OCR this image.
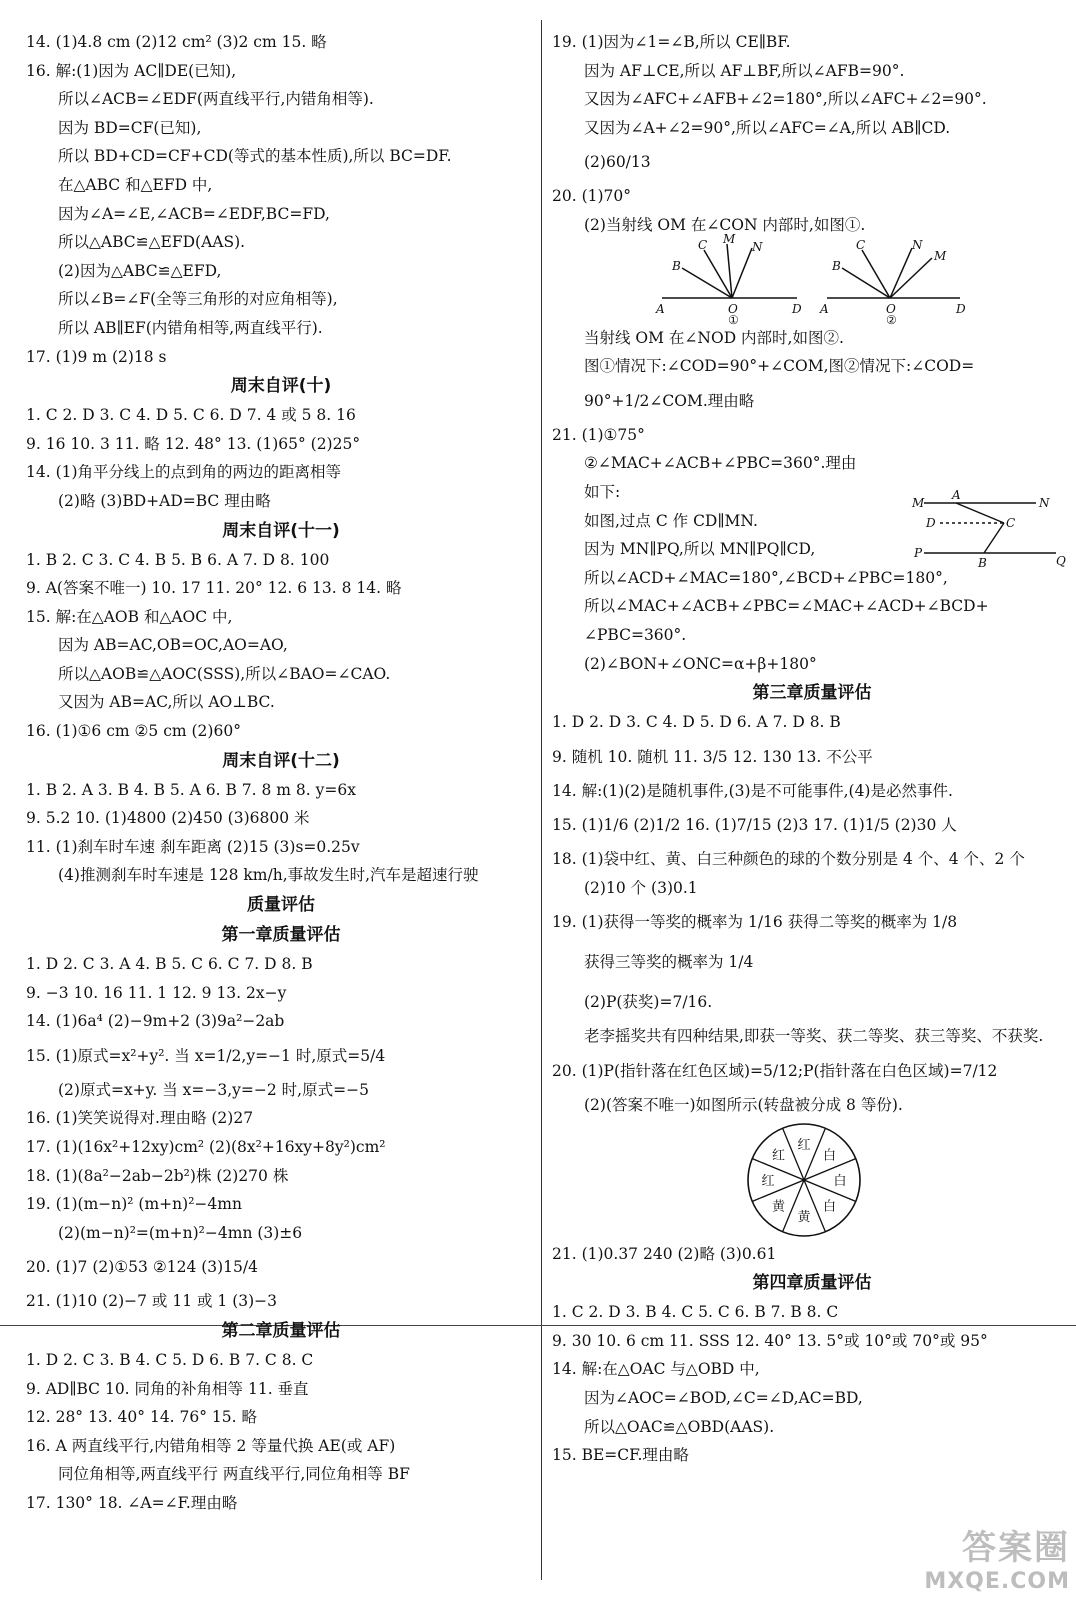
14. (1)4.8 cm (2)12 cm² (3)2 cm 15. 略
16. 解:(1)因为 AC∥DE(已知),
所以∠ACB=∠EDF(两直线平行,内错角相等).
因为 BD=CF(已知),
所以 BD+CD=CF+CD(等式的基本性质),所以 BC=DF.
在△ABC 和△EFD 中,
因为∠A=∠E,∠ACB=∠EDF,BC=FD,
所以△ABC≌△EFD(AAS).
(2)因为△ABC≌△EFD,
所以∠B=∠F(全等三角形的对应角相等),
所以 AB∥EF(内错角相等,两直线平行).
17. (1)9 m (2)18 s
周末自评(十)
1. C 2. D 3. C 4. D 5. C 6. D 7. 4 或 5 8. 16
9. 16 10. 3 11. 略 12. 48° 13. (1)65° (2)25°
14. (1)角平分线上的点到角的两边的距离相等
(2)略 (3)BD+AD=BC 理由略
周末自评(十一)
1. B 2. C 3. C 4. B 5. B 6. A 7. D 8. 100
9. A(答案不唯一) 10. 17 11. 20° 12. 6 13. 8 14. 略
15. 解:在△AOB 和△AOC 中,
因为 AB=AC,OB=OC,AO=AO,
所以△AOB≌△AOC(SSS),所以∠BAO=∠CAO.
又因为 AB=AC,所以 AO⊥BC.
16. (1)①6 cm ②5 cm (2)60°
周末自评(十二)
1. B 2. A 3. B 4. B 5. A 6. B 7. 8 m 8. y=6x
9. 5.2 10. (1)4800 (2)450 (3)6800 米
11. (1)刹车时车速 刹车距离 (2)15 (3)s=0.25v
(4)推测刹车时车速是 128 km/h,事故发生时,汽车是超速行驶
质量评估
第一章质量评估
1. D 2. C 3. A 4. B 5. C 6. C 7. D 8. B
9. −3 10. 16 11. 1 12. 9 13. 2x−y
14. (1)6a⁴ (2)−9m+2 (3)9a²−2ab
15. (1)原式=x²+y². 当 x=1/2,y=−1 时,原式=5/4
(2)原式=x+y. 当 x=−3,y=−2 时,原式=−5
16. (1)笑笑说得对.理由略 (2)27
17. (1)(16x²+12xy)cm² (2)(8x²+16xy+8y²)cm²
18. (1)(8a²−2ab−2b²)株 (2)270 株
19. (1)(m−n)² (m+n)²−4mn
(2)(m−n)²=(m+n)²−4mn (3)±6
20. (1)7 (2)①53 ②124 (3)15/4
21. (1)10 (2)−7 或 11 或 1 (3)−3
第二章质量评估
1. D 2. C 3. B 4. C 5. D 6. B 7. C 8. C
9. AD∥BC 10. 同角的补角相等 11. 垂直
12. 28° 13. 40° 14. 76° 15. 略
16. A 两直线平行,内错角相等 2 等量代换 AE(或 AF)
同位角相等,两直线平行 两直线平行,同位角相等 BF
17. 130° 18. ∠A=∠F.理由略
19. (1)因为∠1=∠B,所以 CE∥BF.
因为 AF⊥CE,所以 AF⊥BF,所以∠AFB=90°.
又因为∠AFC+∠AFB+∠2=180°,所以∠AFC+∠2=90°.
又因为∠A+∠2=90°,所以∠AFC=∠A,所以 AB∥CD.
(2)60/13
20. (1)70°
(2)当射线 OM 在∠CON 内部时,如图①.
C M
N
B
A	O	D
①
C	N
M
B
A	O	D
②
当射线 OM 在∠NOD 内部时,如图②.
图①情况下:∠COD=90°+∠COM,图②情况下:∠COD=
90°+1/2∠COM.理由略
21. (1)①75°
②∠MAC+∠ACB+∠PBC=360°.理由
如下:
如图,过点 C 作 CD∥MN.
因为 MN∥PQ,所以 MN∥PQ∥CD,
所以∠ACD+∠MAC=180°,∠BCD+∠PBC=180°,
所以∠MAC+∠ACB+∠PBC=∠MAC+∠ACD+∠BCD+
∠PBC=360°.
(2)∠BON+∠ONC=α+β+180°
第三章质量评估
1. D 2. D 3. C 4. D 5. D 6. A 7. D 8. B
9. 随机 10. 随机 11. 3/5 12. 130 13. 不公平
14. 解:(1)(2)是随机事件,(3)是不可能事件,(4)是必然事件.
15. (1)1/6 (2)1/2 16. (1)7/15 (2)3 17. (1)1/5 (2)30 人
18. (1)袋中红、黄、白三种颜色的球的个数分别是 4 个、4 个、2 个
(2)10 个 (3)0.1
19. (1)获得一等奖的概率为 1/16 获得二等奖的概率为 1/8
获得三等奖的概率为 1/4
(2)P(获奖)=7/16.
老李摇奖共有四种结果,即获一等奖、获二等奖、获三等奖、不获奖.
20. (1)P(指针落在红色区域)=5/12;P(指针落在白色区域)=7/12
(2)(答案不唯一)如图所示(转盘被分成 8 等份).
红
白
白
白
黄
黄
红
红
21. (1)0.37 240 (2)略 (3)0.61
第四章质量评估
1. C 2. D 3. B 4. C 5. C 6. B 7. B 8. C
9. 30 10. 6 cm 11. SSS 12. 40° 13. 5°或 10°或 70°或 95°
14. 解:在△OAC 与△OBD 中,
因为∠AOC=∠BOD,∠C=∠D,AC=BD,
所以△OAC≌△OBD(AAS).
15. BE=CF.理由略
M
A
N
D	C
P
B	Q
答案圈
MXQE.COM
